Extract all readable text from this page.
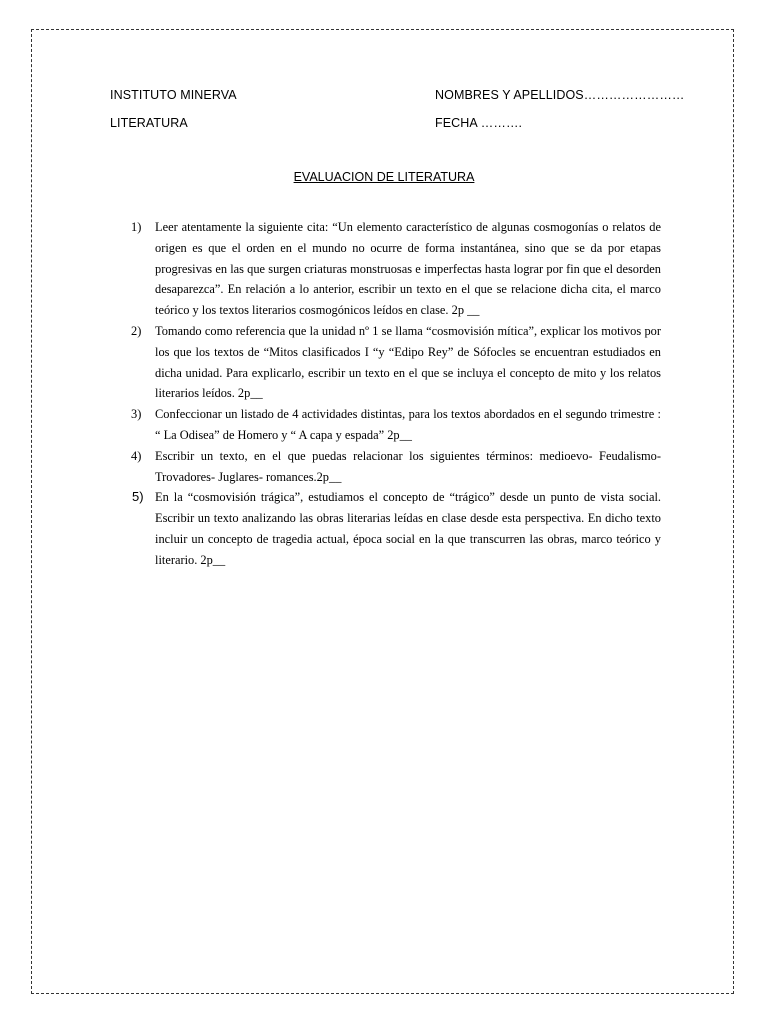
INSTITUTO MINERVA	NOMBRES Y APELLIDOS……………………
LITERATURA	FECHA ……….
EVALUACION DE LITERATURA
1) Leer atentamente la siguiente cita: “Un elemento característico de algunas cosmogonías o relatos de origen es que el orden en el mundo no ocurre de forma instantánea, sino que se da por etapas progresivas en las que surgen criaturas monstruosas e imperfectas hasta lograr por fin que el desorden desaparezca”. En relación a lo anterior, escribir un texto en el que se relacione dicha cita, el marco teórico y los textos literarios cosmogónicos leídos en clase. 2p __
2) Tomando como referencia que la unidad nº 1 se llama “cosmovisión mítica”, explicar los motivos por los que los textos de “Mitos clasificados I “y “Edipo Rey” de Sófocles se encuentran estudiados en dicha unidad. Para explicarlo, escribir un texto en el que se incluya el concepto de mito y los relatos literarios leídos. 2p__
3) Confeccionar un listado de 4 actividades distintas, para los textos abordados en el segundo trimestre : “ La Odisea” de Homero y “ A capa y espada” 2p__
4) Escribir un texto, en el que puedas relacionar los siguientes términos: medioevo- Feudalismo- Trovadores- Juglares- romances.2p__
5) En la “cosmovisión trágica”, estudiamos el concepto de “trágico” desde un punto de vista social. Escribir un texto analizando las obras literarias leídas en clase desde esta perspectiva. En dicho texto incluir un concepto de tragedia actual, época social en la que transcurren las obras, marco teórico y literario. 2p__
